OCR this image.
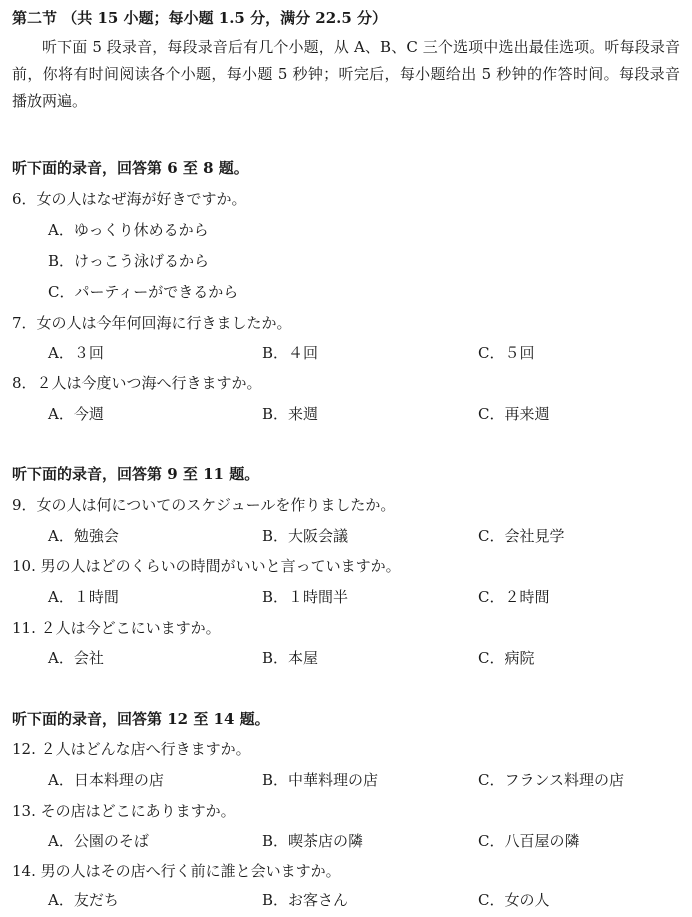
第二节 （共 15 小题；每小题 1.5 分，满分 22.5 分）

听下面 5 段录音，每段录音后有几个小题，从 A、B、C 三个选项中选出最佳选项。听每段录音前，你将有时间阅读各个小题，每小题 5 秒钟；听完后，每小题给出 5 秒钟的作答时间。每段录音播放两遍。

听下面的录音，回答第 6 至 8 题。
6．女の人はなぜ海が好きですか。
A．ゆっくり休めるから
B．けっこう泳げるから
C．パーティーができるから
7．女の人は今年何回海に行きましたか。
A．３回	B．４回	C．５回
8．２人は今度いつ海へ行きますか。
A．今週	B．来週	C．再来週
听下面的录音，回答第 9 至 11 题。
9．女の人は何についてのスケジュールを作りましたか。
A．勉強会	B．大阪会議	C．会社見学
10. 男の人はどのくらいの時間がいいと言っていますか。
A．１時間	B．１時間半	C．２時間
11. ２人は今どこにいますか。
A．会社	B．本屋	C．病院
听下面的录音，回答第 12 至 14 题。
12. ２人はどんな店へ行きますか。
A．日本料理の店	B．中華料理の店	C．フランス料理の店
13. その店はどこにありますか。
A．公園のそば	B．喫茶店の隣	C．八百屋の隣
14. 男の人はその店へ行く前に誰と会いますか。
A．友だち	B．お客さん	C．女の人
